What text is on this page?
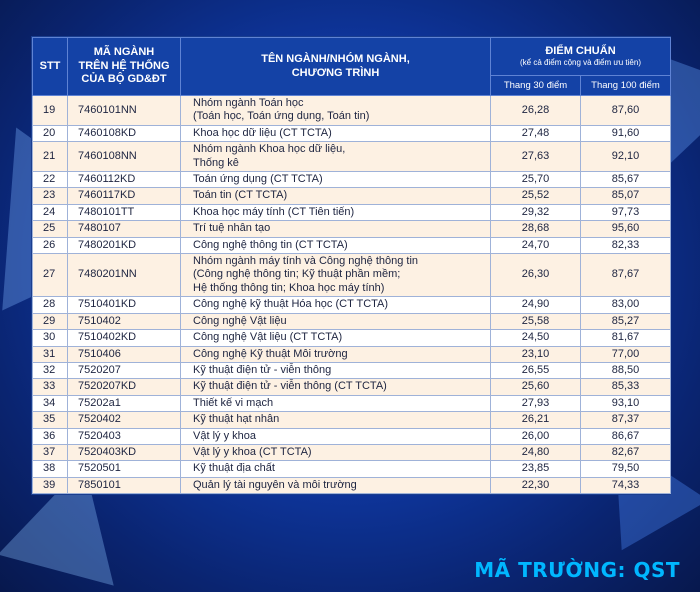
STT	MÃ NGÀNH
TRÊN HỆ THỐNG
CỦA BỘ GD&ĐT	TÊN NGÀNH/NHÓM NGÀNH,
CHƯƠNG TRÌNH	ĐIỂM CHUẨN
(kể cả điểm cộng và điểm ưu tiên)	

			Thang 30 điểm	Thang 100 điểm
19	7460101NN	Nhóm ngành Toán học
(Toán học, Toán ứng dụng, Toán tin)	26,28	87,60
20	7460108KD	Khoa học dữ liệu (CT TCTA)	27,48	91,60
21	7460108NN	Nhóm ngành Khoa học dữ liệu,
Thống kê	27,63	92,10
22	7460112KD	Toán ứng dụng (CT TCTA)	25,70	85,67
23	7460117KD	Toán tin (CT TCTA)	25,52	85,07
24	7480101TT	Khoa học máy tính (CT Tiên tiến)	29,32	97,73
25	7480107	Trí tuệ nhân tạo	28,68	95,60
26	7480201KD	Công nghệ thông tin (CT TCTA)	24,70	82,33
27	7480201NN	Nhóm ngành máy tính và Công nghệ thông tin
(Công nghệ thông tin; Kỹ thuật phần mềm;
Hệ thống thông tin; Khoa học máy tính)	26,30	87,67
28	7510401KD	Công nghệ kỹ thuật Hóa học (CT TCTA)	24,90	83,00
29	7510402	Công nghệ Vật liệu	25,58	85,27
30	7510402KD	Công nghệ Vật liệu (CT TCTA)	24,50	81,67
31	7510406	Công nghệ Kỹ thuật Môi trường	23,10	77,00
32	7520207	Kỹ thuật điện tử - viễn thông	26,55	88,50
33	7520207KD	Kỹ thuật điện tử - viễn thông (CT TCTA)	25,60	85,33
34	75202a1	Thiết kế vi mạch	27,93	93,10
35	7520402	Kỹ thuật hạt nhân	26,21	87,37
36	7520403	Vật lý y khoa	26,00	86,67
37	7520403KD	Vật lý y khoa (CT TCTA)	24,80	82,67
38	7520501	Kỹ thuật địa chất	23,85	79,50
39	7850101	Quản lý tài nguyên và môi trường	22,30	74,33
MÃ TRƯỜNG: QST
